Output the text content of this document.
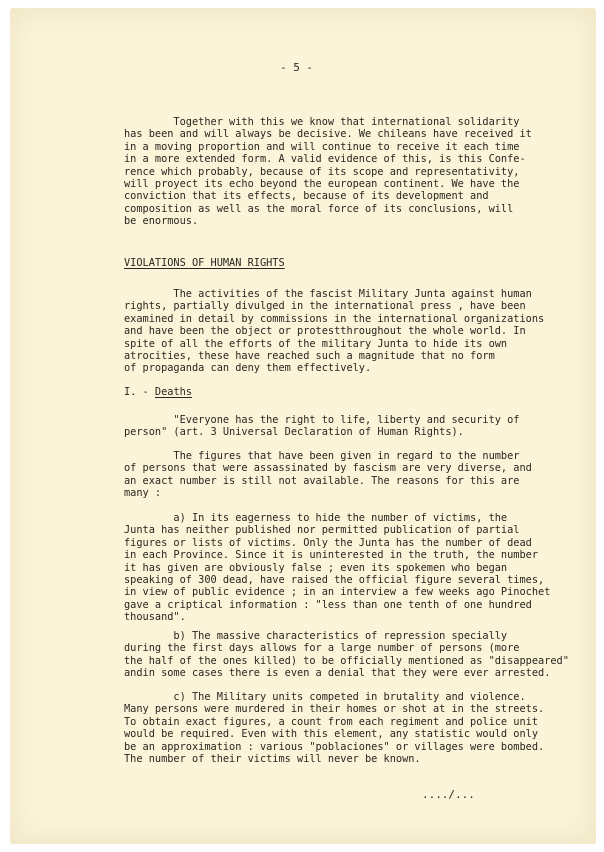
- 5 -
Together with this we know that international solidarity
has been and will always be decisive. We chileans have received it
in a moving proportion and will continue to receive it each time
in a more extended form. A valid evidence of this, is this Confe-
rence which probably, because of its scope and representativity,
will proyect its echo beyond the european continent. We have the
conviction that its effects, because of its development and
composition as well as the moral force of its conclusions, will
be enormous.
VIOLATIONS OF HUMAN RIGHTS
The activities of the fascist Military Junta against human
rights, partially divulged in the international press , have been
examined in detail by commissions in the international organizations
and have been the object or protestthroughout the whole world. In
spite of all the efforts of the military Junta to hide its own
atrocities, these have reached such a magnitude that no form
of propaganda can deny them effectively.
I. - Deaths
"Everyone has the right to life, liberty and security of
person" (art. 3 Universal Declaration of Human Rights).
The figures that have been given in regard to the number
of persons that were assassinated by fascism are very diverse, and
an exact number is still not available. The reasons for this are
many :
a) In its eagerness to hide the number of victims, the
Junta has neither published nor permitted publication of partial
figures or lists of victims. Only the Junta has the number of dead
in each Province. Since it is uninterested in the truth, the number
it has given are obviously false ; even its spokemen who began
speaking of 300 dead, have raised the official figure several times,
in view of public evidence ; in an interview a few weeks ago Pinochet
gave a criptical information : "less than one tenth of one hundred
thousand".
b) The massive characteristics of repression specially
during the first days allows for a large number of persons (more
the half of the ones killed) to be officially mentioned as "disappeared"
andin some cases there is even a denial that they were ever arrested.
c) The Military units competed in brutality and violence.
Many persons were murdered in their homes or shot at in the streets.
To obtain exact figures, a count from each regiment and police unit
would be required. Even with this element, any statistic would only
be an approximation : various "poblaciones" or villages were bombed.
The number of their victims will never be known.
..../...
